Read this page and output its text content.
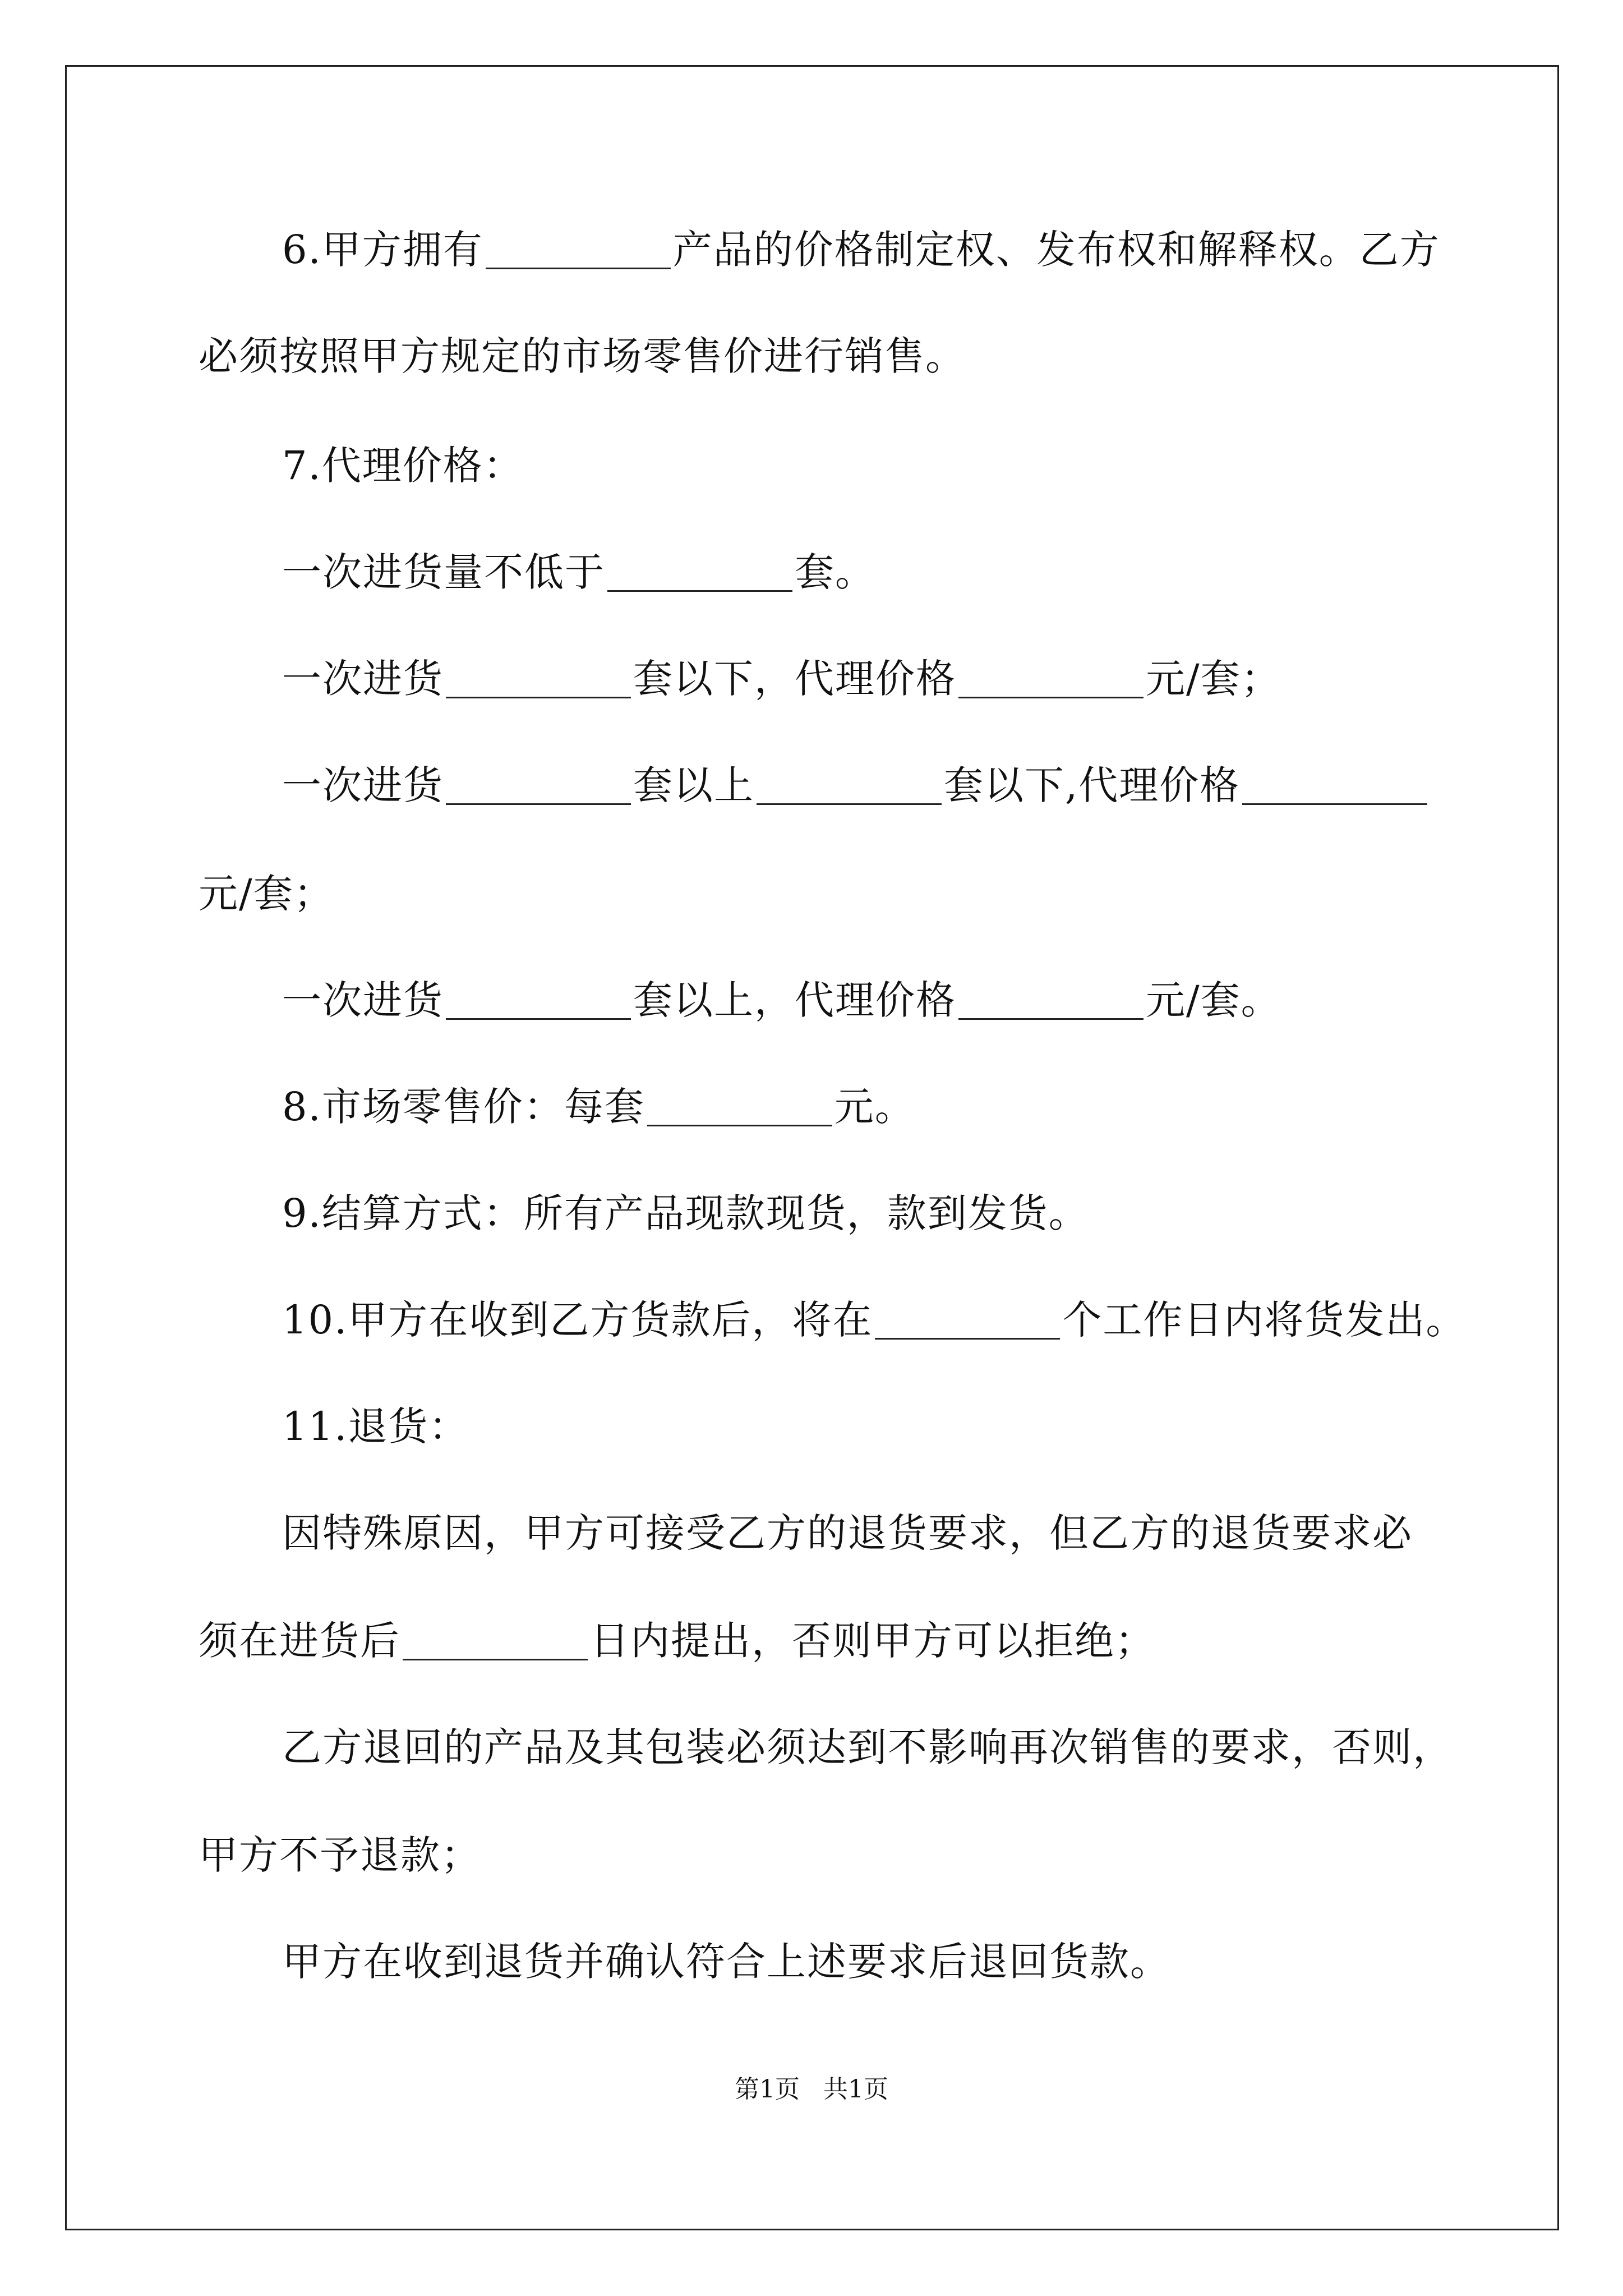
6.甲方拥有	产品的价格制定权、发布权和解释权。乙方
必须按照甲方规定的市场零售价进行销售。
7.代理价格：
一次进货量不低于	套。
一次进货	套以下，代理价格	元/套；
一次进货	套以上	套以下,代理价格
元/套；
一次进货	套以上，代理价格	元/套。
8.市场零售价：每套	元。
9.结算方式：所有产品现款现货，款到发货。
10.甲方在收到乙方货款后，将在	个工作日内将货发出。
11.退货：
因特殊原因，甲方可接受乙方的退货要求，但乙方的退货要求必
须在进货后	日内提出，否则甲方可以拒绝；
乙方退回的产品及其包装必须达到不影响再次销售的要求，否则，
甲方不予退款；
甲方在收到退货并确认符合上述要求后退回货款。
第1页 共1页
